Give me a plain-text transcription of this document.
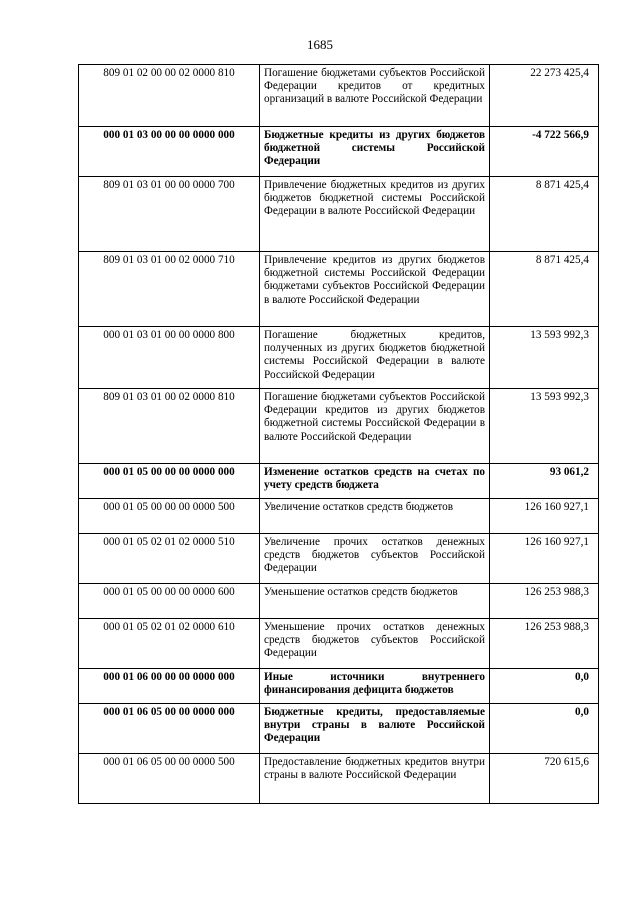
1685
809 01 02 00 00 02 0000 810	Погашение бюджетами субъектов Российской Федерации кредитов от кредитных организаций в валюте Российской Федерации	22 273 425,4
000 01 03 00 00 00 0000 000	Бюджетные кредиты из других бюджетов бюджетной системы Российской Федерации	-4 722 566,9
809 01 03 01 00 00 0000 700	Привлечение бюджетных кредитов из других бюджетов бюджетной системы Российской Федерации в валюте Российской Федерации	8 871 425,4
809 01 03 01 00 02 0000 710	Привлечение кредитов из других бюджетов бюджетной системы Российской Федерации бюджетами субъектов Российской Федерации в валюте Российской Федерации	8 871 425,4
000 01 03 01 00 00 0000 800	Погашение бюджетных кредитов, полученных из других бюджетов бюджетной системы Российской Федерации в валюте Российской Федерации	13 593 992,3
809 01 03 01 00 02 0000 810	Погашение бюджетами субъектов Российской Федерации кредитов из других бюджетов бюджетной системы Российской Федерации в валюте Российской Федерации	13 593 992,3
000 01 05 00 00 00 0000 000	Изменение остатков средств на счетах по учету средств бюджета	93 061,2
000 01 05 00 00 00 0000 500	Увеличение остатков средств бюджетов	126 160 927,1
000 01 05 02 01 02 0000 510	Увеличение прочих остатков денежных средств бюджетов субъектов Российской Федерации	126 160 927,1
000 01 05 00 00 00 0000 600	Уменьшение остатков средств бюджетов	126 253 988,3
000 01 05 02 01 02 0000 610	Уменьшение прочих остатков денежных средств бюджетов субъектов Российской Федерации	126 253 988,3
000 01 06 00 00 00 0000 000	Иные источники внутреннего финансирования дефицита бюджетов	0,0
000 01 06 05 00 00 0000 000	Бюджетные кредиты, предоставляемые внутри страны в валюте Российской Федерации	0,0
000 01 06 05 00 00 0000 500	Предоставление бюджетных кредитов внутри страны в валюте Российской Федерации	720 615,6
